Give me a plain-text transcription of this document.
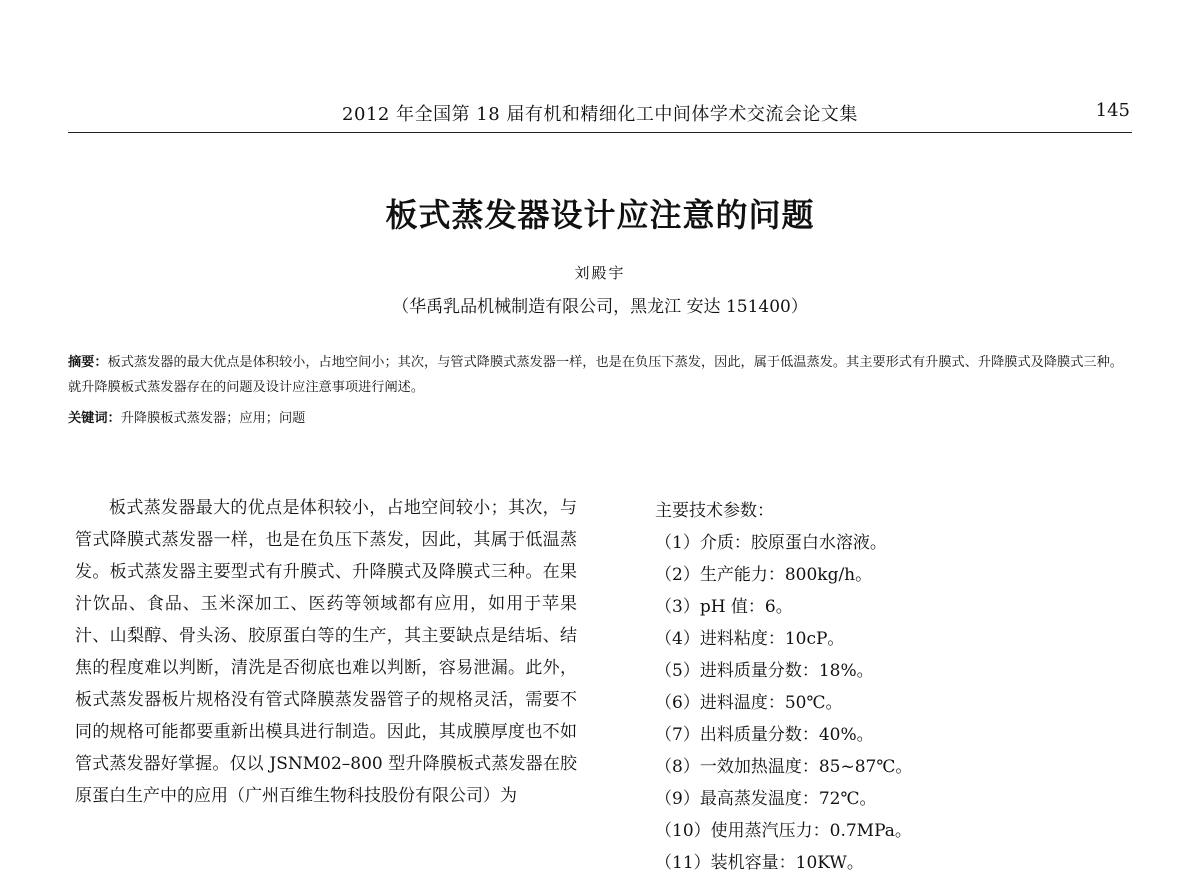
2012 年全国第 18 届有机和精细化工中间体学术交流会论文集	145
板式蒸发器设计应注意的问题
刘殿宇
（华禹乳品机械制造有限公司，黑龙江 安达 151400）
摘要：板式蒸发器的最大优点是体积较小，占地空间小；其次，与管式降膜式蒸发器一样，也是在负压下蒸发，因此，属于低温蒸发。其主要形式有升膜式、升降膜式及降膜式三种。就升降膜板式蒸发器存在的问题及设计应注意事项进行阐述。
关键词：升降膜板式蒸发器；应用；问题
板式蒸发器最大的优点是体积较小，占地空间较小；其次，与管式降膜式蒸发器一样，也是在负压下蒸发，因此，其属于低温蒸发。板式蒸发器主要型式有升膜式、升降膜式及降膜式三种。在果汁饮品、食品、玉米深加工、医药等领域都有应用，如用于苹果汁、山梨醇、骨头汤、胶原蛋白等的生产，其主要缺点是结垢、结焦的程度难以判断，清洗是否彻底也难以判断，容易泄漏。此外，板式蒸发器板片规格没有管式降膜蒸发器管子的规格灵活，需要不同的规格可能都要重新出模具进行制造。因此，其成膜厚度也不如管式蒸发器好掌握。仅以 JSNM02–800 型升降膜板式蒸发器在胶原蛋白生产中的应用（广州百维生物科技股份有限公司）为
主要技术参数：
（1）介质：胶原蛋白水溶液。
（2）生产能力：800kg/h。
（3）pH 值：6。
（4）进料粘度：10cP。
（5）进料质量分数：18%。
（6）进料温度：50℃。
（7）出料质量分数：40%。
（8）一效加热温度：85~87℃。
（9）最高蒸发温度：72℃。
（10）使用蒸汽压力：0.7MPa。
（11）装机容量：10KW。
